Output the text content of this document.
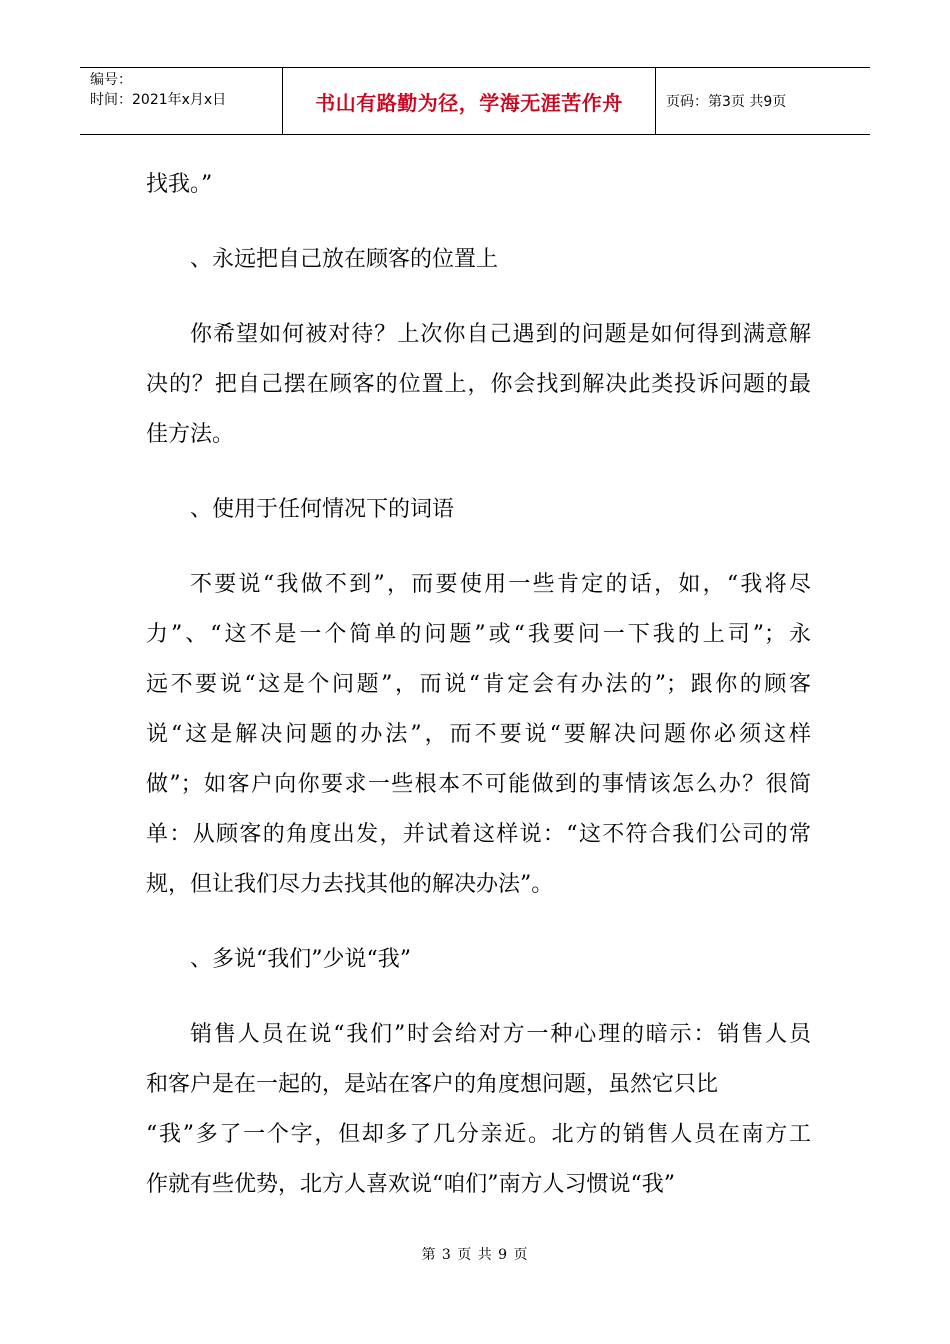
编号：
时间：2021年x月x日	书山有路勤为径，学海无涯苦作舟	页码：第3页 共9页
找我。”
、永远把自己放在顾客的位置上
你希望如何被对待？上次你自己遇到的问题是如何得到满意解
决的？把自己摆在顾客的位置上，你会找到解决此类投诉问题的最
佳方法。
、使用于任何情况下的词语
不要说“我做不到”，而要使用一些肯定的话，如，“我将尽
力”、“这不是一个简单的问题”或“我要问一下我的上司”；永
远不要说“这是个问题”，而说“肯定会有办法的”；跟你的顾客
说“这是解决问题的办法”，而不要说“要解决问题你必须这样
做”；如客户向你要求一些根本不可能做到的事情该怎么办？很简
单：从顾客的角度出发，并试着这样说：“这不符合我们公司的常
规，但让我们尽力去找其他的解决办法”。
、多说“我们”少说“我”
销售人员在说“我们”时会给对方一种心理的暗示：销售人员
和客户是在一起的，是站在客户的角度想问题，虽然它只比
“我”多了一个字，但却多了几分亲近。北方的销售人员在南方工
作就有些优势，北方人喜欢说“咱们”南方人习惯说“我”
第 3 页 共 9 页
